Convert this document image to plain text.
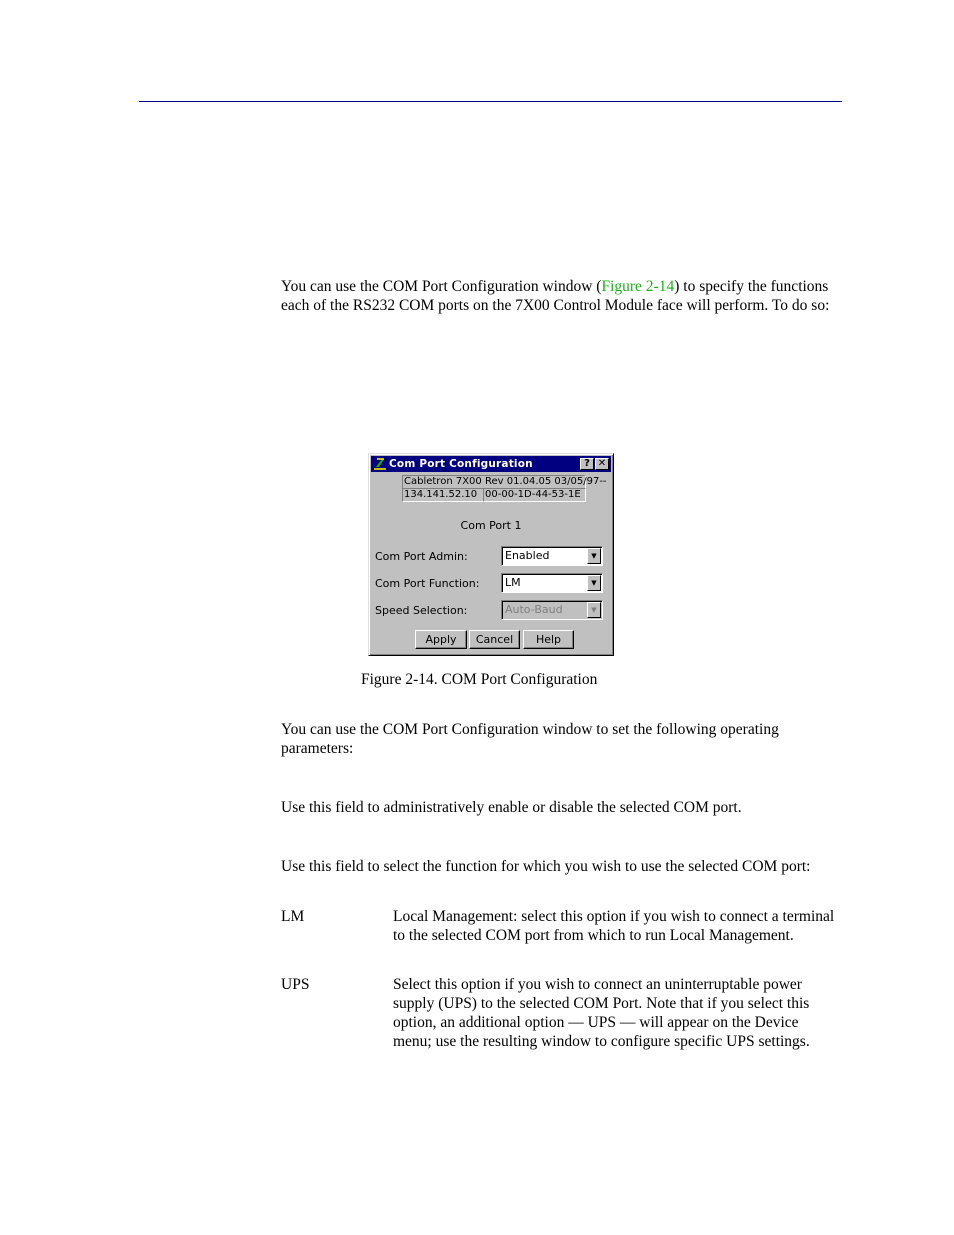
You can use the COM Port Configuration window (Figure 2-14) to specify the functions each of the RS232 COM ports on the 7X00 Control Module face will perform. To do so:

Com Port Configuration	? ✕
Cabletron 7X00 Rev 01.04.05 03/05/97--
134.141.52.10 00-00-1D-44-53-1E
Com Port 1
Com Port Admin:	Enabled	▼
Com Port Function: LM	▼
Speed Selection:	Auto-Baud	▼
Apply	Cancel	Help
Figure 2-14. COM Port Configuration

You can use the COM Port Configuration window to set the following operating parameters:

Use this field to administratively enable or disable the selected COM port.

Use this field to select the function for which you wish to use the selected COM port:

LM	Local Management: select this option if you wish to connect a terminal to the selected COM port from which to run Local Management.
UPS	Select this option if you wish to connect an uninterruptable power supply (UPS) to the selected COM Port. Note that if you select this option, an additional option — UPS — will appear on the Device menu; use the resulting window to configure specific UPS settings.
